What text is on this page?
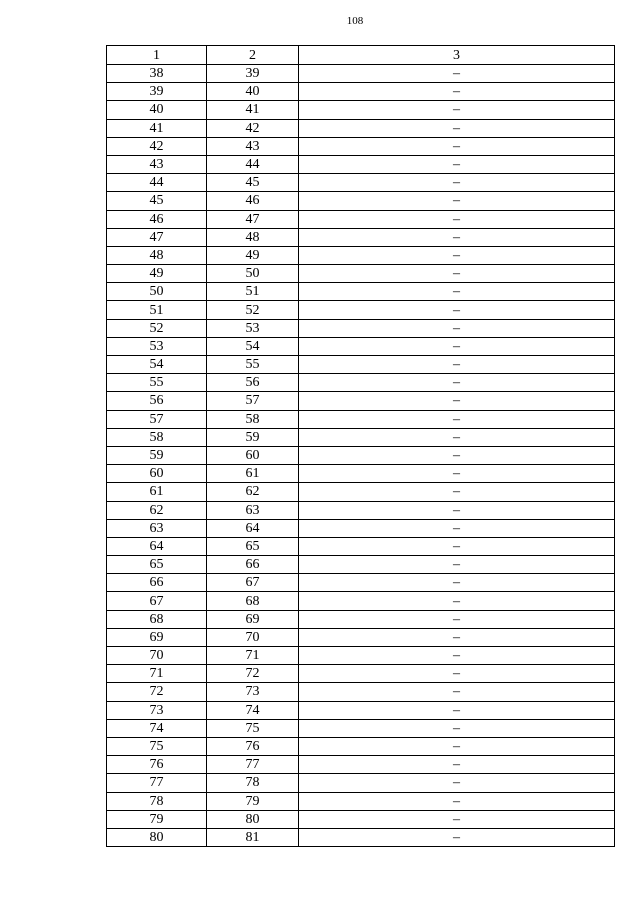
108
1	2	3
38	39	–
39	40	–
40	41	–
41	42	–
42	43	–
43	44	–
44	45	–
45	46	–
46	47	–
47	48	–
48	49	–
49	50	–
50	51	–
51	52	–
52	53	–
53	54	–
54	55	–
55	56	–
56	57	–
57	58	–
58	59	–
59	60	–
60	61	–
61	62	–
62	63	–
63	64	–
64	65	–
65	66	–
66	67	–
67	68	–
68	69	–
69	70	–
70	71	–
71	72	–
72	73	–
73	74	–
74	75	–
75	76	–
76	77	–
77	78	–
78	79	–
79	80	–
80	81	–
